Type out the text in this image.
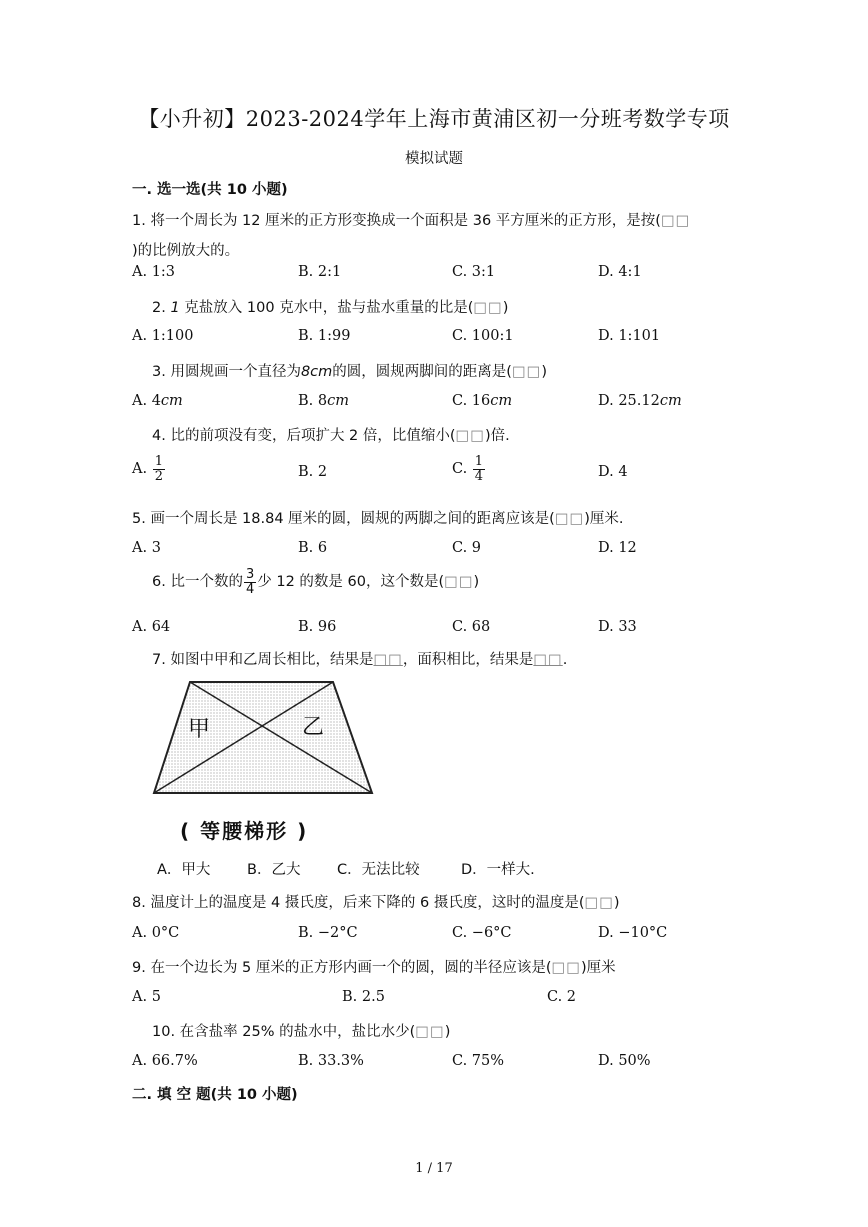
【小升初】2023-2024学年上海市黄浦区初一分班考数学专项
模拟试题
一. 选一选(共 10 小题)
1. 将一个周长为 12 厘米的正方形变换成一个面积是 36 平方厘米的正方形，是按(□□
)的比例放大的。
A. 1:3	B. 2:1	C. 3:1	D. 4:1
2. 1 克盐放入 100 克水中，盐与盐水重量的比是(□□)
A. 1:100	B. 1:99	C. 100:1	D. 1:101
3. 用圆规画一个直径为8cm的圆，圆规两脚间的距离是(□□)
A. 4cm	B. 8cm	C. 16cm	D. 25.12cm
4. 比的前项没有变，后项扩大 2 倍，比值缩小(□□)倍.
A. $\frac{1}{2}$	B. 2	C. $\frac{1}{4}$	D. 4
5. 画一个周长是 18.84 厘米的圆，圆规的两脚之间的距离应该是(□□)厘米.
A. 3	B. 6	C. 9	D. 12
6. 比一个数的 $\frac{3}{4}$ 少 12 的数是 60，这个数是(□□)
A. 64	B. 96	C. 68	D. 33
7. 如图中甲和乙周长相比，结果是□□，面积相比，结果是□□.
甲	乙
( 等腰梯形 )
A．甲大	B．乙大	C．无法比较	D．一样大.
8. 温度计上的温度是 4 摄氏度，后来下降的 6 摄氏度，这时的温度是(□□)
A. 0°C	B. −2°C	C. −6°C	D. −10°C
9. 在一个边长为 5 厘米的正方形内画一个的圆，圆的半径应该是(□□)厘米
A. 5	B. 2.5	C. 2
10. 在含盐率 25% 的盐水中，盐比水少(□□)
A. 66.7%	B. 33.3%	C. 75%	D. 50%
二. 填 空 题(共 10 小题)
1 / 17
